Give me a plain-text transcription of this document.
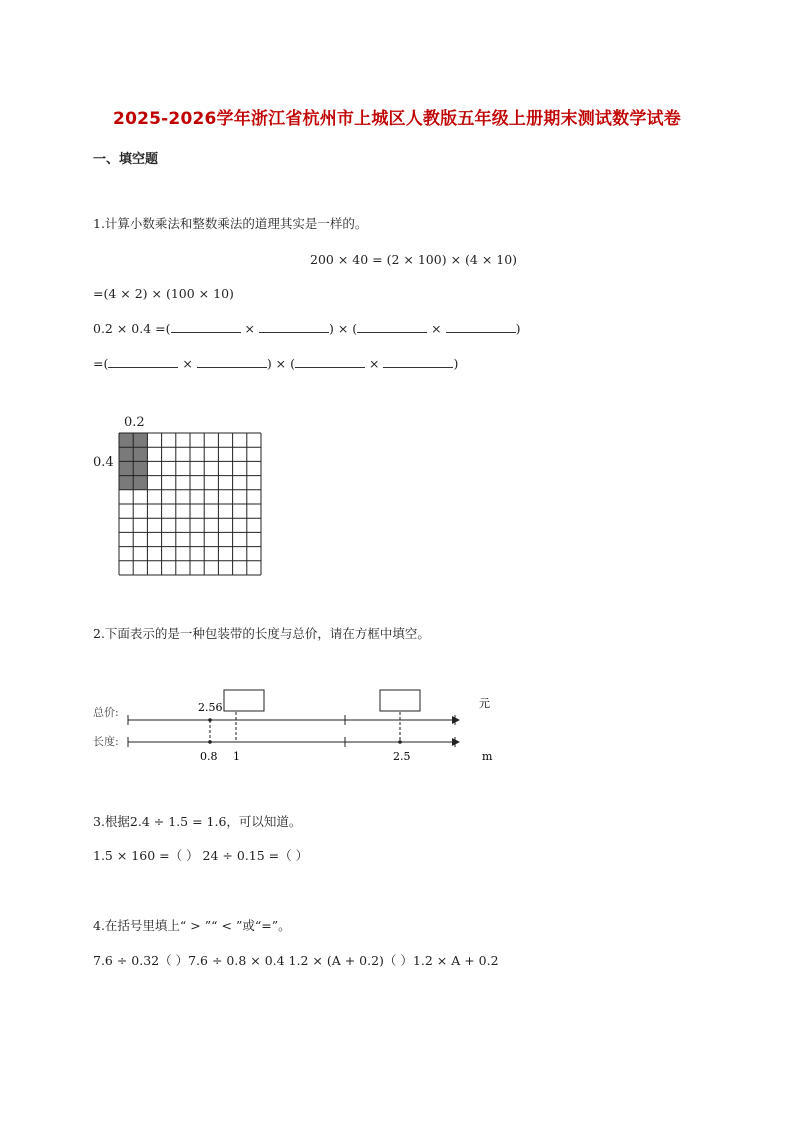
2025-2026学年浙江省杭州市上城区人教版五年级上册期末测试数学试卷
一、填空题
1.计算小数乘法和整数乘法的道理其实是一样的。
200 × 40 = (2 × 100) × (4 × 10)
=(4 × 2) × (100 × 10)
0.2 × 0.4 =(	×	) × (	×	)
=(	×	) × (	×	)
0.2
0.4
2.下面表示的是一种包装带的长度与总价，请在方框中填空。
总价:
长度:
元
m
2.56
0.8 1	2.5
3.根据2.4 ÷ 1.5 = 1.6，可以知道。
1.5 × 160 =（ ） 24 ÷ 0.15 =（ ）
4.在括号里填上“ > ”“ < ”或“=”。
7.6 ÷ 0.32（ ）7.6 ÷ 0.8 × 0.4 1.2 × (A + 0.2)（ ）1.2 × A + 0.2
